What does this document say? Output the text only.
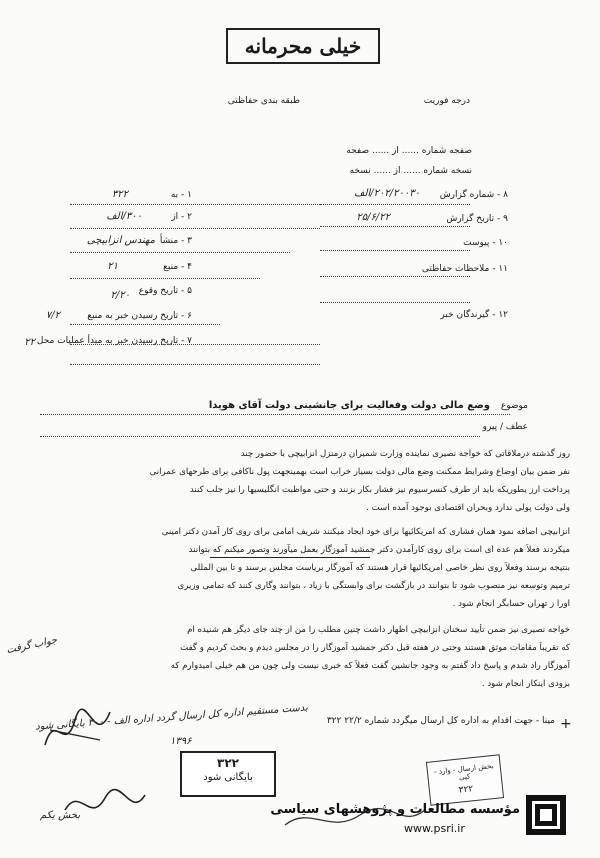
خیلی محرمانه
درجه فوریت
طبقه بندی حفاظتی
صفحه شماره ...... از ...... صفحه
نسخه شماره ...... از ...... نسخه
۱ - به
۳۲۲
۲ - از
۳۰۰/الف
۳ - منشأ
مهندس انزابیچی
۴ - منبع
۲۱
۵ - تاریخ وقوع
۲/۲۰
۶ - تاریخ رسیدن خبر به منبع
۷/۲
۷ - تاریخ رسیدن خبر به مبدأ عملیات محل
۲۲
۸ - شماره گزارش
۲۰۲/۲۰۰۳۰/الف
۹ - تاریخ گزارش
۲۵/۶/۲۲
۱۰ - پیوست
۱۱ - ملاحظات حفاظتی
۱۲ - گیرندگان خبر
موضوع
وضع مالی دولت وفعالیت برای جانشینی دولت آقای هویدا
عطف / پیرو
روز گذشته درملاقاتی که خواجه نصیری نماینده وزارت شمیران درمنزل انزابیچی با حضور چند
نفر ضمن بیان اوضاع وشرایط ممکنت وضع مالی دولت بسیار خراب است بهمینجهت پول ناکافی برای طرحهای عمرانی
پرداخت ارز یطوریکه باید از طرف کنسرسیوم نیز فشار بکار بزنند و حتی مواظبت انگلیسیها را نیز جلب کنند
ولی دولت پولی ندارد وبحران اقتصادی بوجود آمده است .
انزابیچی اضافه نمود همان فشاری که امریکائیها برای خود ایجاد میکنند شریف امامی برای روی کار آمدن دکتر امینی
میکردند فعلاً هم عده ای است برای روی کارآمدن دکتر جمشید آموزگار بعمل میآورند وتصور میکنم که بتوانند
بنتیجه برسند وفعلاً روی نظر خاصی امریکائیها قرار هستند که آموزگار بریاست مجلس برسند و تا بین المللی
ترمیم وتوسعه نیز منصوب شود تا بتوانند در بازگشت برای وابستگی با زیاد ، بتوانند وگاری کنند که تمامی وزیری
اورا ز تهران حسابگر انجام شود .
خواجه نصیری نیز ضمن تأیید سخنان انزابیچی اظهار داشت چنین مطلب را من از چند جای دیگر هم شنیده ام
که تقریباً مقامات موثق هستند وحتی در هفته قبل دکتر جمشید آموزگار را در مجلس دیدم و بحث کردیم و گفت
آموزگار راد شدم و پاسخ داد گفتم به وجود جانشین گفت فعلاً که خبری نیست ولی چون من هم خیلی امیدوارم که
بزودی اینکار انجام شود .
جواب گرفت
+
مینا - جهت اقدام به اداره کل ارسال میگردد شماره ۲۲/۲ ۳۲۲
بدست مستقیم اداره کل ارسال گردد اداره الف - ۳۰۰ بایگانی شود
۱۳۹۶
۳۲۲
بایگانی شود
بخش ارسال - وارد - کپی
۳۲۲
بخش یکم	مؤسسه مطالعات و پژوهشهای سیاسی
www.psri.ir
